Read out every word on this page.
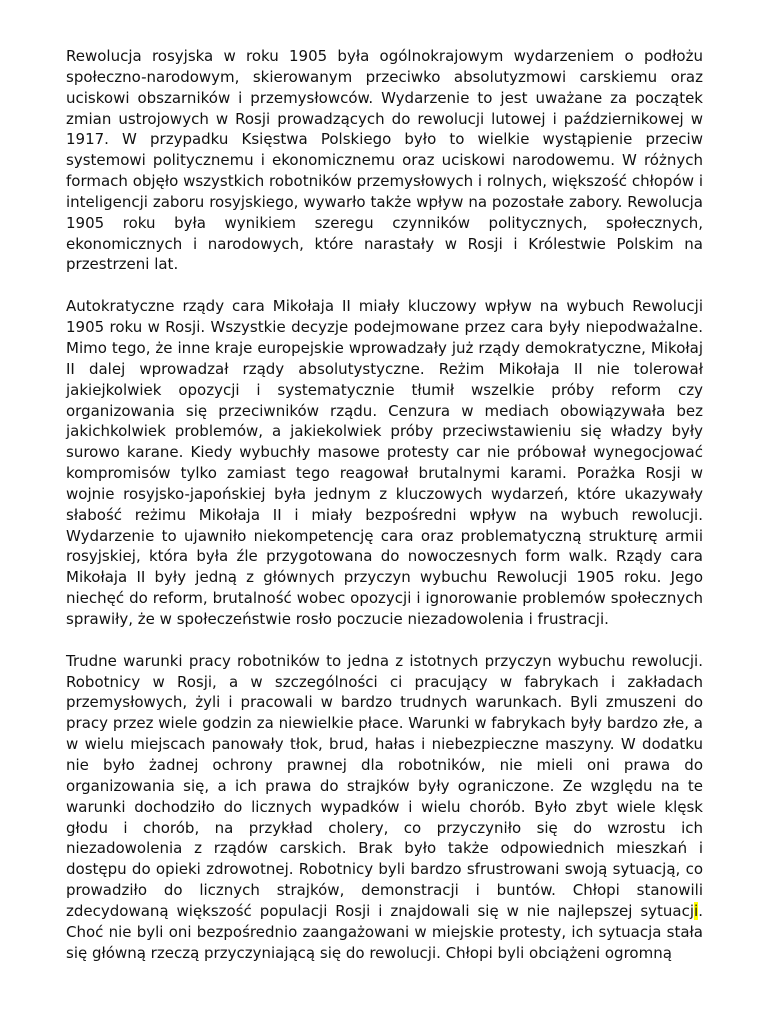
Rewolucja rosyjska w roku 1905 była ogólnokrajowym wydarzeniem o podłożu społeczno-narodowym, skierowanym przeciwko absolutyzmowi carskiemu oraz uciskowi obszarników i przemysłowców. Wydarzenie to jest uważane za początek zmian ustrojowych w Rosji prowadzących do rewolucji lutowej i październikowej w 1917. W przypadku Księstwa Polskiego było to wielkie wystąpienie przeciw systemowi politycznemu i ekonomicznemu oraz uciskowi narodowemu. W różnych formach objęło wszystkich robotników przemysłowych i rolnych, większość chłopów i inteligencji zaboru rosyjskiego, wywarło także wpływ na pozostałe zabory. Rewolucja 1905 roku była wynikiem szeregu czynników politycznych, społecznych, ekonomicznych i narodowych, które narastały w Rosji i Królestwie Polskim na przestrzeni lat.

Autokratyczne rządy cara Mikołaja II miały kluczowy wpływ na wybuch Rewolucji 1905 roku w Rosji. Wszystkie decyzje podejmowane przez cara były niepodważalne. Mimo tego, że inne kraje europejskie wprowadzały już rządy demokratyczne, Mikołaj II dalej wprowadzał rządy absolutystyczne. Reżim Mikołaja II nie tolerował jakiejkolwiek opozycji i systematycznie tłumił wszelkie próby reform czy organizowania się przeciwników rządu. Cenzura w mediach obowiązywała bez jakichkolwiek problemów, a jakiekolwiek próby przeciwstawieniu się władzy były surowo karane. Kiedy wybuchły masowe protesty car nie próbował wynegocjować kompromisów tylko zamiast tego reagował brutalnymi karami. Porażka Rosji w wojnie rosyjsko-japońskiej była jednym z kluczowych wydarzeń, które ukazywały słabość reżimu Mikołaja II i miały bezpośredni wpływ na wybuch rewolucji. Wydarzenie to ujawniło niekompetencję cara oraz problematyczną strukturę armii rosyjskiej, która była źle przygotowana do nowoczesnych form walk. Rządy cara Mikołaja II były jedną z głównych przyczyn wybuchu Rewolucji 1905 roku. Jego niechęć do reform, brutalność wobec opozycji i ignorowanie problemów społecznych sprawiły, że w społeczeństwie rosło poczucie niezadowolenia i frustracji.

Trudne warunki pracy robotników to jedna z istotnych przyczyn wybuchu rewolucji. Robotnicy w Rosji, a w szczególności ci pracujący w fabrykach i zakładach przemysłowych, żyli i pracowali w bardzo trudnych warunkach. Byli zmuszeni do pracy przez wiele godzin za niewielkie płace. Warunki w fabrykach były bardzo złe, a w wielu miejscach panowały tłok, brud, hałas i niebezpieczne maszyny. W dodatku nie było żadnej ochrony prawnej dla robotników, nie mieli oni prawa do organizowania się, a ich prawa do strajków były ograniczone. Ze względu na te warunki dochodziło do licznych wypadków i wielu chorób. Było zbyt wiele klęsk głodu i chorób, na przykład cholery, co przyczyniło się do wzrostu ich niezadowolenia z rządów carskich. Brak było także odpowiednich mieszkań i dostępu do opieki zdrowotnej. Robotnicy byli bardzo sfrustrowani swoją sytuacją, co prowadziło do licznych strajków, demonstracji i buntów. Chłopi stanowili zdecydowaną większość populacji Rosji i znajdowali się w nie najlepszej sytuacji. Choć nie byli oni bezpośrednio zaangażowani w miejskie protesty, ich sytuacja stała się główną rzeczą przyczyniającą się do rewolucji. Chłopi byli obciążeni ogromną
